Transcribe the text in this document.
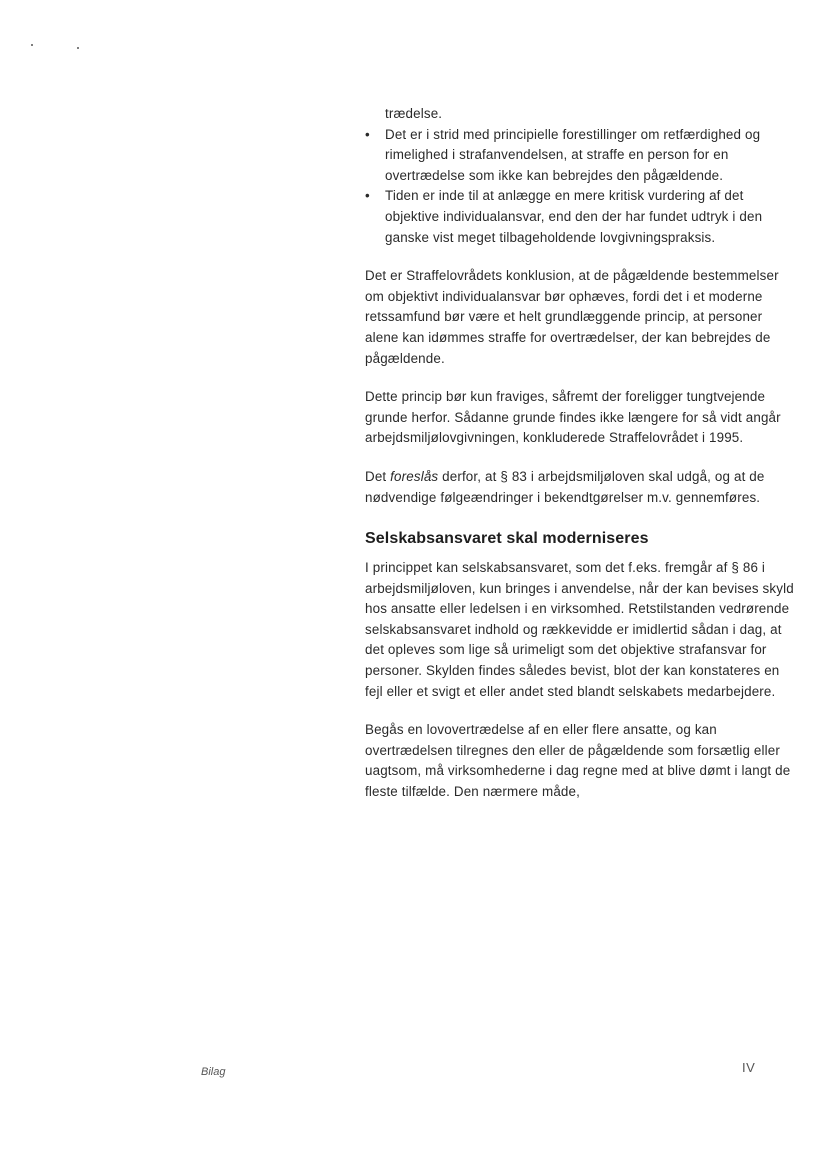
trædelse.

• Det er i strid med principielle forestillinger om retfærdighed og rimelighed i strafanvendelsen, at straffe en person for en overtrædelse som ikke kan bebrejdes den pågældende.
• Tiden er inde til at anlægge en mere kritisk vurdering af det objektive individualansvar, end den der har fundet udtryk i den ganske vist meget tilbageholdende lovgivningspraksis.

Det er Straffelovrådets konklusion, at de pågældende bestemmelser om objektivt individualansvar bør ophæves, fordi det i et moderne retssamfund bør være et helt grundlæggende princip, at personer alene kan idømmes straffe for overtrædelser, der kan bebrejdes de pågældende.

Dette princip bør kun fraviges, såfremt der foreligger tungtvejende grunde herfor. Sådanne grunde findes ikke længere for så vidt angår arbejdsmiljølovgivningen, konkluderede Straffelovrådet i 1995.

Det foreslås derfor, at § 83 i arbejdsmiljøloven skal udgå, og at de nødvendige følgeændringer i bekendtgørelser m.v. gennemføres.

Selskabsansvaret skal moderniseres

I princippet kan selskabsansvaret, som det f.eks. fremgår af § 86 i arbejdsmiljøloven, kun bringes i anvendelse, når der kan bevises skyld hos ansatte eller ledelsen i en virksomhed. Retstilstanden vedrørende selskabsansvaret indhold og rækkevidde er imidlertid sådan i dag, at det opleves som lige så urimeligt som det objektive strafansvar for personer. Skylden findes således bevist, blot der kan konstateres en fejl eller et svigt et eller andet sted blandt selskabets medarbejdere.

Begås en lovovertrædelse af en eller flere ansatte, og kan overtrædelsen tilregnes den eller de pågældende som forsætlig eller uagtsom, må virksomhederne i dag regne med at blive dømt i langt de fleste tilfælde. Den nærmere måde,

Bilag	IV
